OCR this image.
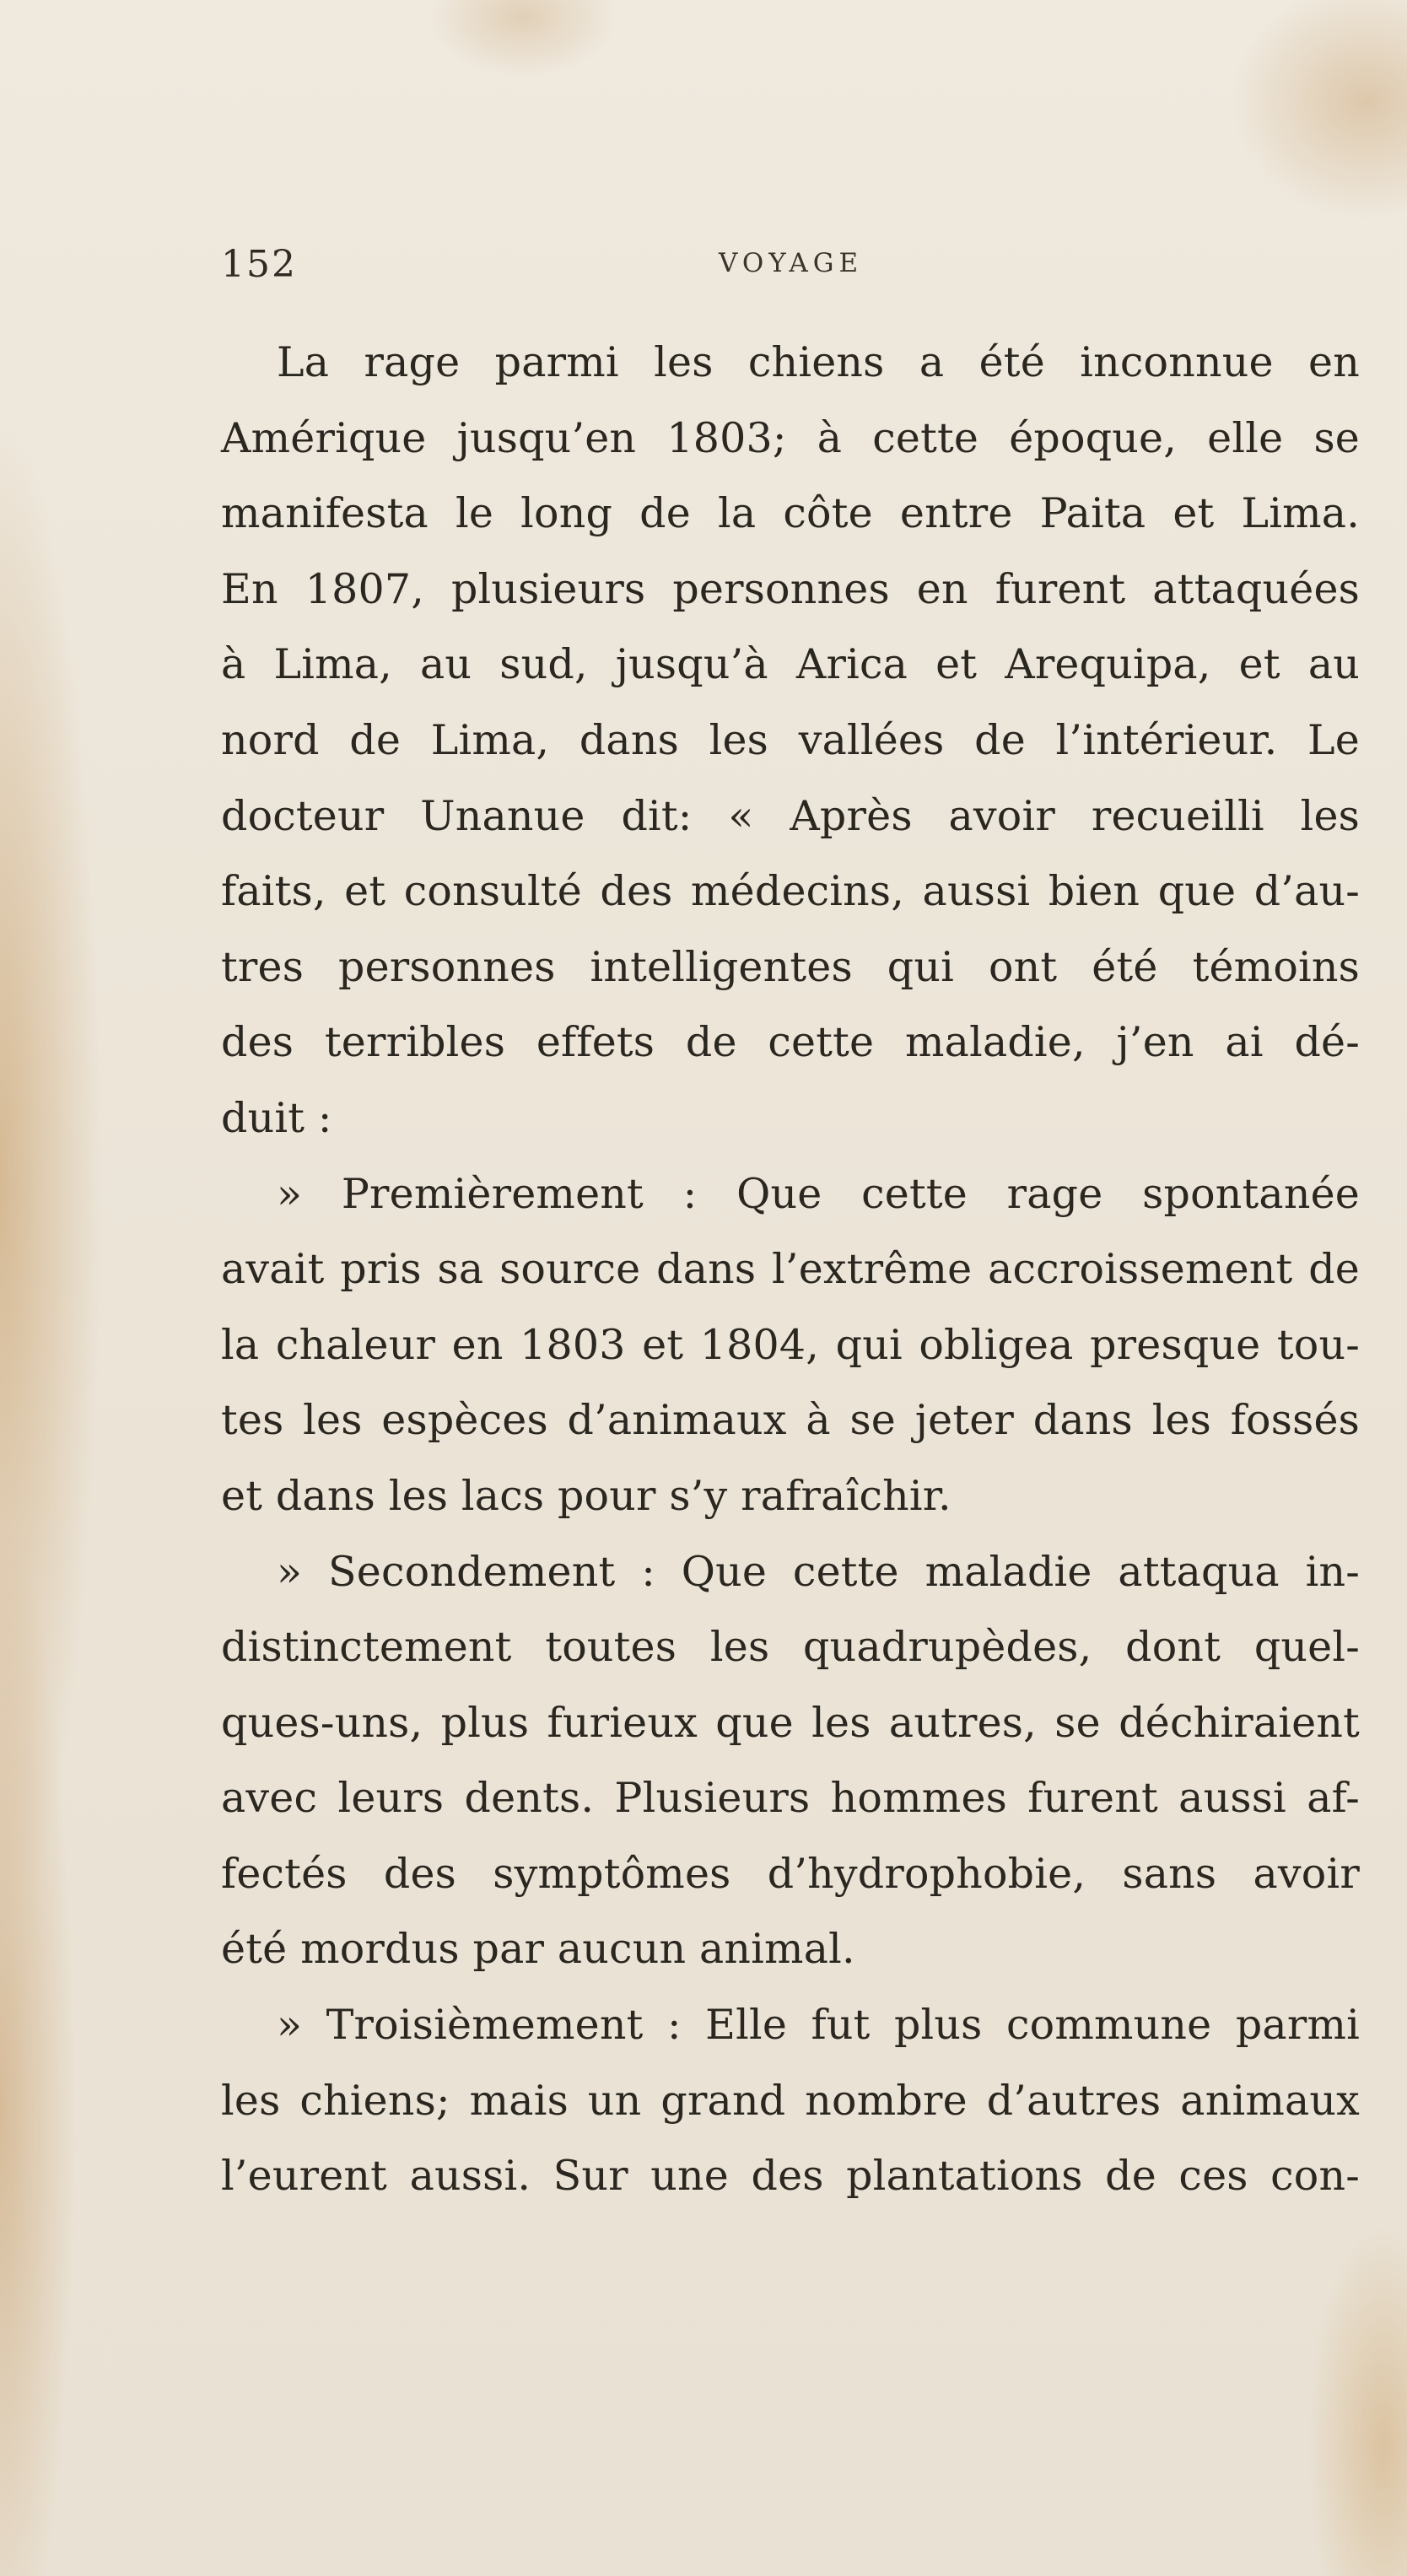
152	VOYAGE
La rage parmi les chiens a été inconnue en
Amérique jusqu’en 1803; à cette époque, elle se
manifesta le long de la côte entre Paita et Lima.
En 1807, plusieurs personnes en furent attaquées
à Lima, au sud, jusqu’à Arica et Arequipa, et au
nord de Lima, dans les vallées de l’intérieur. Le
docteur Unanue dit: « Après avoir recueilli les
faits, et consulté des médecins, aussi bien que d’au-
tres personnes intelligentes qui ont été témoins
des terribles effets de cette maladie, j’en ai dé-
duit :
» Premièrement : Que cette rage spontanée
avait pris sa source dans l’extrême accroissement de
la chaleur en 1803 et 1804, qui obligea presque tou-
tes les espèces d’animaux à se jeter dans les fossés
et dans les lacs pour s’y rafraîchir.
» Secondement : Que cette maladie attaqua in-
distinctement toutes les quadrupèdes, dont quel-
ques-uns, plus furieux que les autres, se déchiraient
avec leurs dents. Plusieurs hommes furent aussi af-
fectés des symptômes d’hydrophobie, sans avoir
été mordus par aucun animal.
» Troisièmement : Elle fut plus commune parmi
les chiens; mais un grand nombre d’autres animaux
l’eurent aussi. Sur une des plantations de ces con-
